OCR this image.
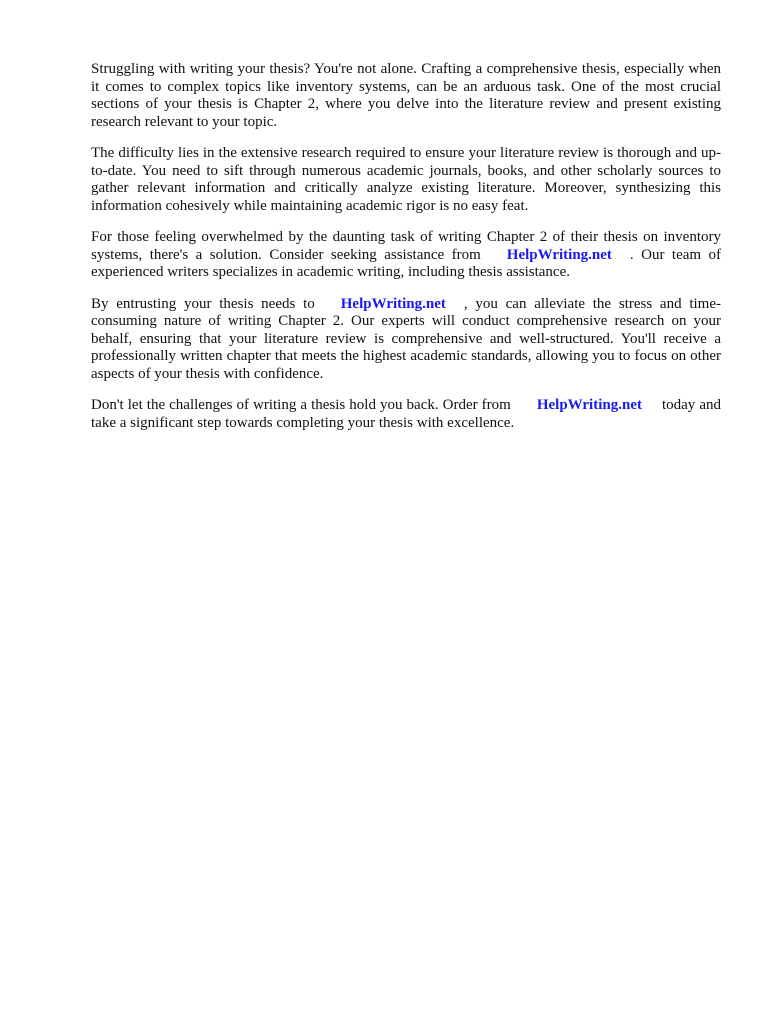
Struggling with writing your thesis? You're not alone. Crafting a comprehensive thesis, especially when it comes to complex topics like inventory systems, can be an arduous task. One of the most crucial sections of your thesis is Chapter 2, where you delve into the literature review and present existing research relevant to your topic.

The difficulty lies in the extensive research required to ensure your literature review is thorough and up-to-date. You need to sift through numerous academic journals, books, and other scholarly sources to gather relevant information and critically analyze existing literature. Moreover, synthesizing this information cohesively while maintaining academic rigor is no easy feat.

For those feeling overwhelmed by the daunting task of writing Chapter 2 of their thesis on inventory systems, there's a solution. Consider seeking assistance from HelpWriting.net . Our team of experienced writers specializes in academic writing, including thesis assistance.

By entrusting your thesis needs to HelpWriting.net , you can alleviate the stress and time-consuming nature of writing Chapter 2. Our experts will conduct comprehensive research on your behalf, ensuring that your literature review is comprehensive and well-structured. You'll receive a professionally written chapter that meets the highest academic standards, allowing you to focus on other aspects of your thesis with confidence.

Don't let the challenges of writing a thesis hold you back. Order from HelpWriting.net today and take a significant step towards completing your thesis with excellence.
